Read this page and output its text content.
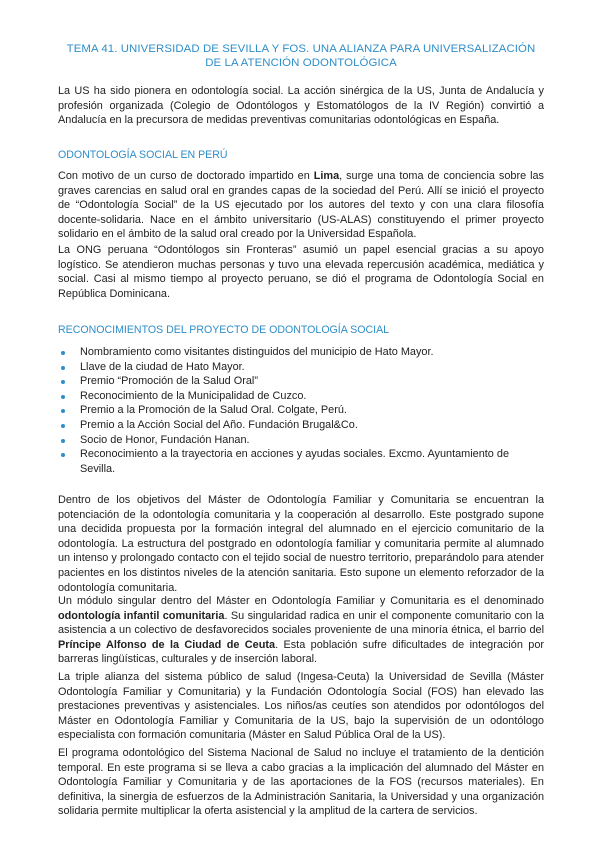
TEMA 41. UNIVERSIDAD DE SEVILLA Y FOS. UNA ALIANZA PARA UNIVERSALIZACIÓN DE LA ATENCIÓN ODONTOLÓGICA
La US ha sido pionera en odontología social. La acción sinérgica de la US, Junta de Andalucía y profesión organizada (Colegio de Odontólogos y Estomatólogos de la IV Región) convirtió a Andalucía en la precursora de medidas preventivas comunitarias odontológicas en España.
ODONTOLOGÍA SOCIAL EN PERÚ
Con motivo de un curso de doctorado impartido en Lima, surge una toma de conciencia sobre las graves carencias en salud oral en grandes capas de la sociedad del Perú. Allí se inició el proyecto de “Odontología Social” de la US ejecutado por los autores del texto y con una clara filosofía docente-solidaria. Nace en el ámbito universitario (US-ALAS) constituyendo el primer proyecto solidario en el ámbito de la salud oral creado por la Universidad Española.
La ONG peruana “Odontólogos sin Fronteras” asumió un papel esencial gracias a su apoyo logístico. Se atendieron muchas personas y tuvo una elevada repercusión académica, mediática y social. Casi al mismo tiempo al proyecto peruano, se dió el programa de Odontología Social en República Dominicana.
RECONOCIMIENTOS DEL PROYECTO DE ODONTOLOGÍA SOCIAL
Nombramiento como visitantes distinguidos del municipio de Hato Mayor.
Llave de la ciudad de Hato Mayor.
Premio “Promoción de la Salud Oral”
Reconocimiento de la Municipalidad de Cuzco.
Premio a la Promoción de la Salud Oral. Colgate, Perú.
Premio a la Acción Social del Año. Fundación Brugal&Co.
Socio de Honor, Fundación Hanan.
Reconocimiento a la trayectoria en acciones y ayudas sociales. Excmo. Ayuntamiento de Sevilla.
Dentro de los objetivos del Máster de Odontología Familiar y Comunitaria se encuentran la potenciación de la odontología comunitaria y la cooperación al desarrollo. Este postgrado supone una decidida propuesta por la formación integral del alumnado en el ejercicio comunitario de la odontología. La estructura del postgrado en odontología familiar y comunitaria permite al alumnado un intenso y prolongado contacto con el tejido social de nuestro territorio, preparándolo para atender pacientes en los distintos niveles de la atención sanitaria. Esto supone un elemento reforzador de la odontología comunitaria.
Un módulo singular dentro del Máster en Odontología Familiar y Comunitaria es el denominado odontología infantil comunitaria. Su singularidad radica en unir el componente comunitario con la asistencia a un colectivo de desfavorecidos sociales proveniente de una minoría étnica, el barrio del Príncipe Alfonso de la Ciudad de Ceuta. Esta población sufre dificultades de integración por barreras lingüísticas, culturales y de inserción laboral.
La triple alianza del sistema público de salud (Ingesa-Ceuta) la Universidad de Sevilla (Máster Odontología Familiar y Comunitaria) y la Fundación Odontología Social (FOS) han elevado las prestaciones preventivas y asistenciales. Los niños/as ceutíes son atendidos por odontólogos del Máster en Odontología Familiar y Comunitaria de la US, bajo la supervisión de un odontólogo especialista con formación comunitaria (Máster en Salud Pública Oral de la US).
El programa odontológico del Sistema Nacional de Salud no incluye el tratamiento de la dentición temporal. En este programa si se lleva a cabo gracias a la implicación del alumnado del Máster en Odontología Familiar y Comunitaria y de las aportaciones de la FOS (recursos materiales). En definitiva, la sinergia de esfuerzos de la Administración Sanitaria, la Universidad y una organización solidaria permite multiplicar la oferta asistencial y la amplitud de la cartera de servicios.
